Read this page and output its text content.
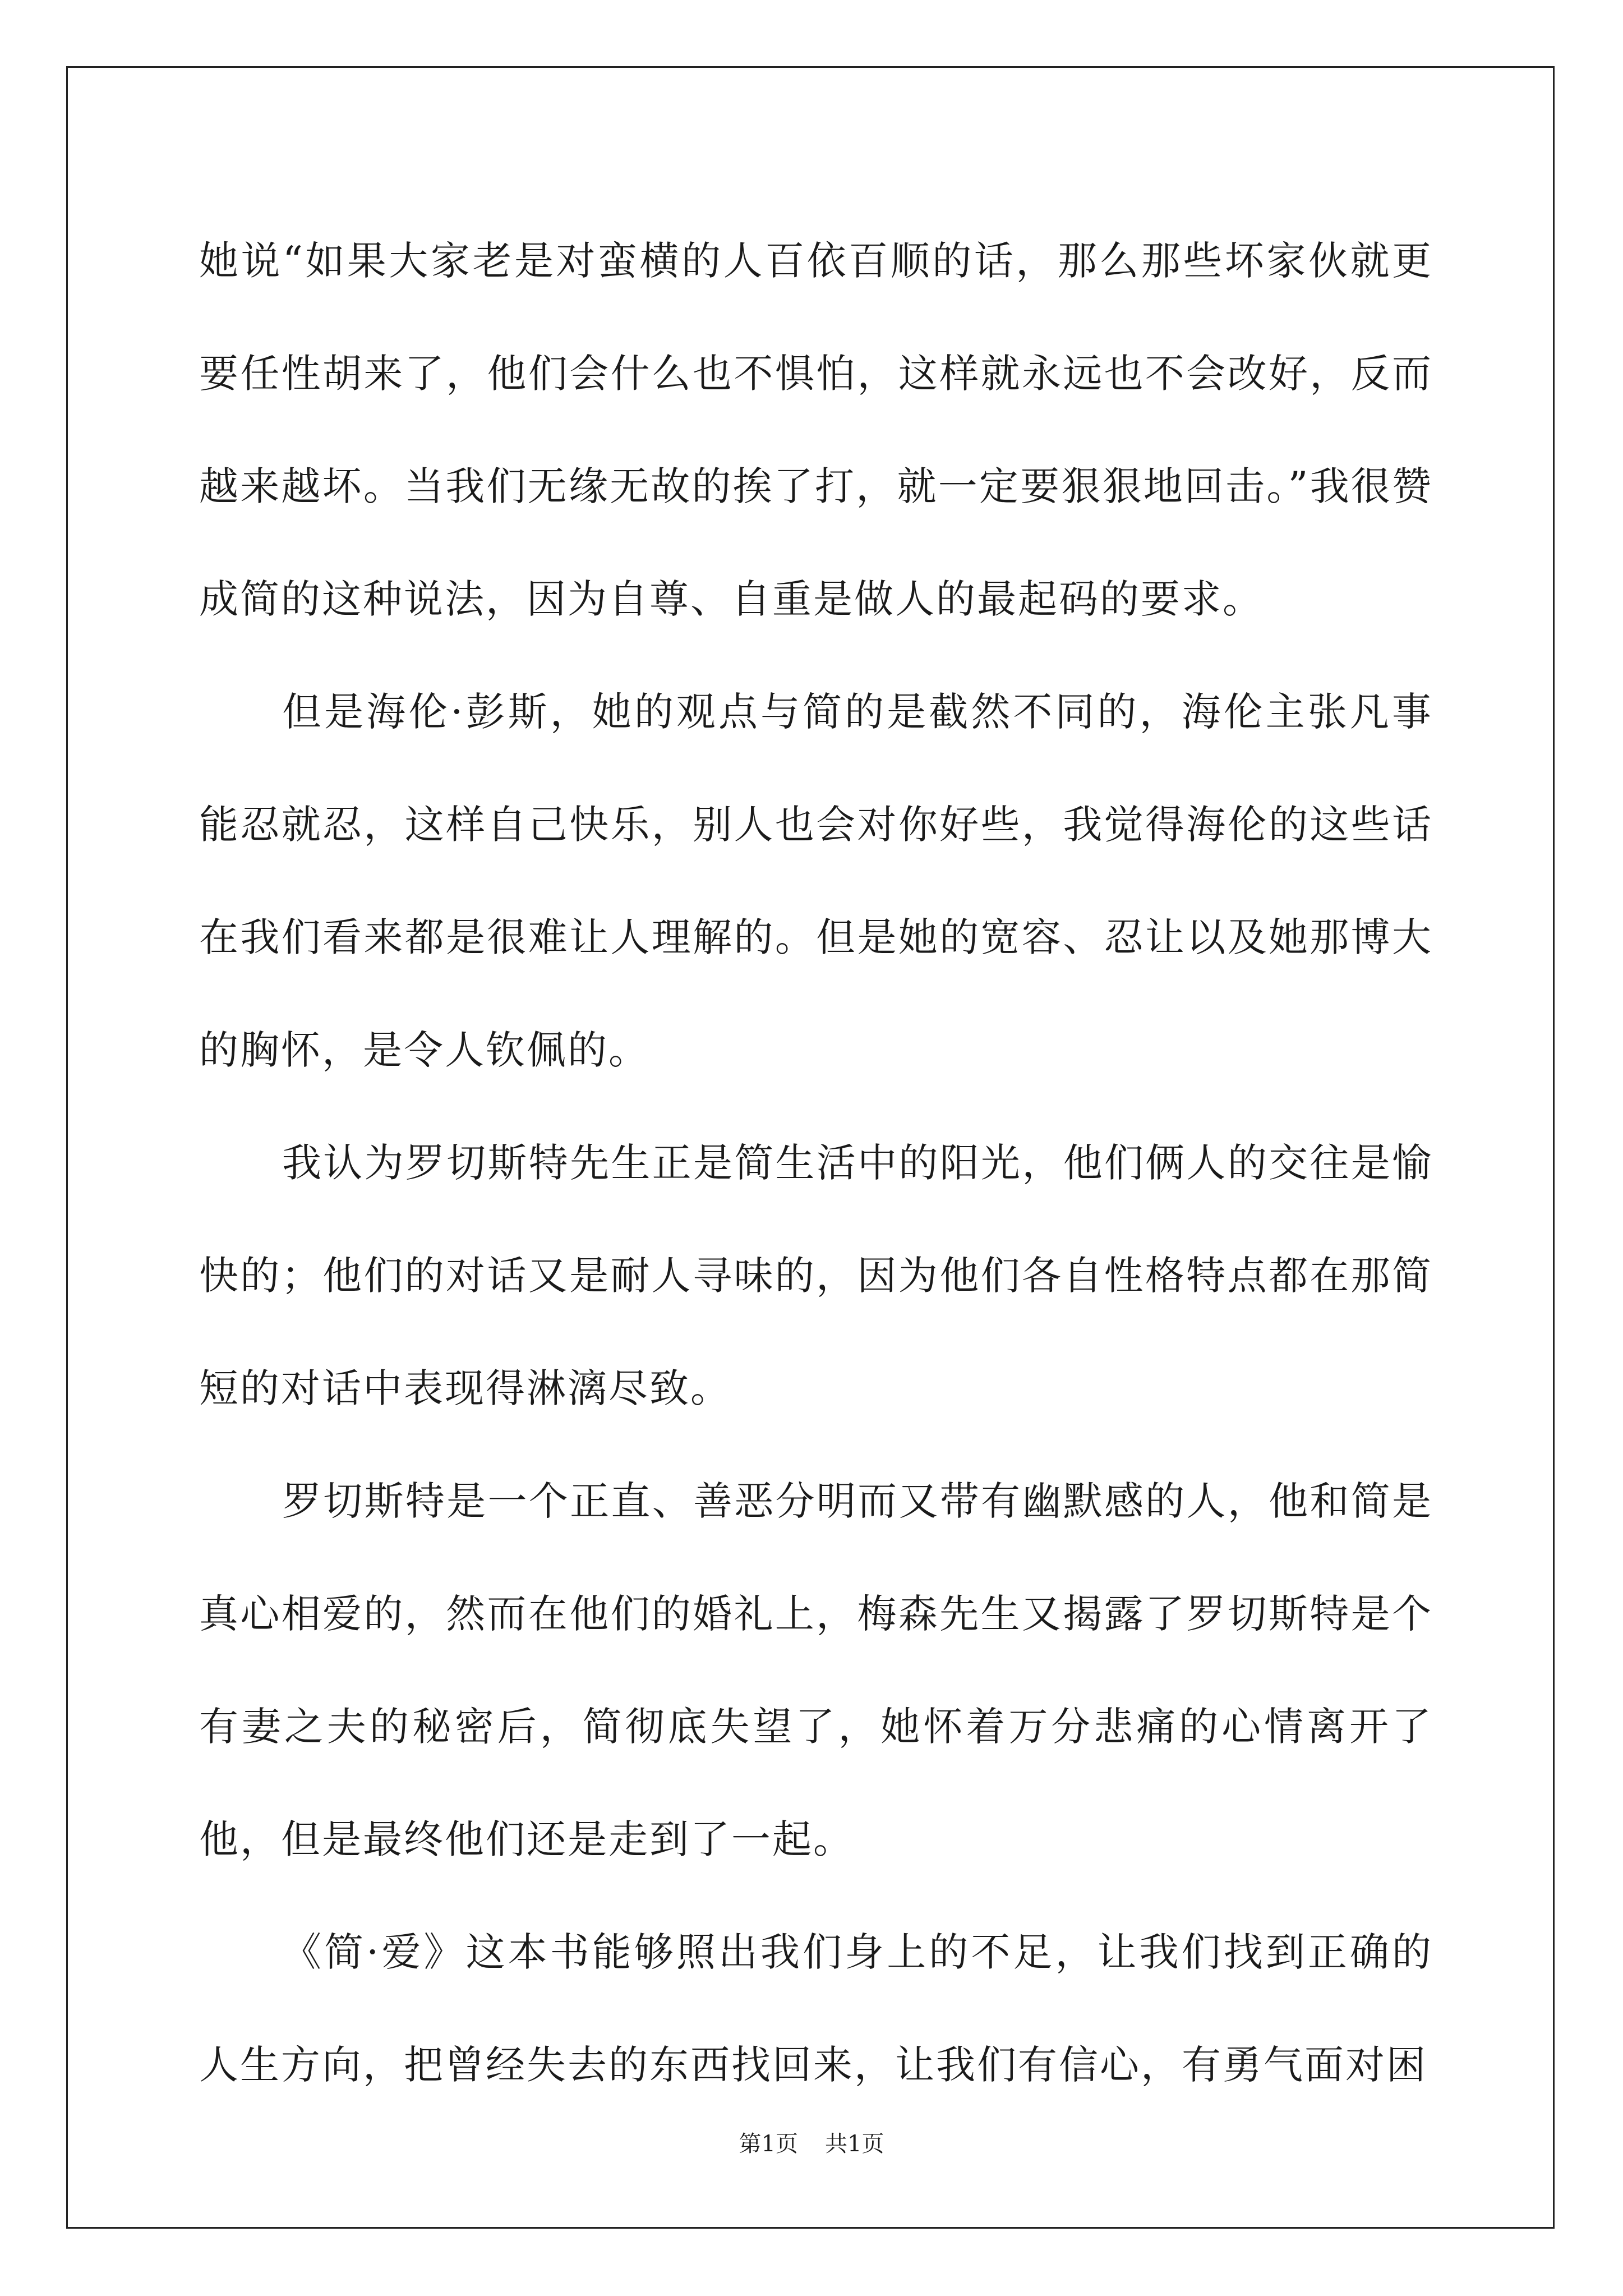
她说“如果大家老是对蛮横的人百依百顺的话，那么那些坏家伙就更要任性胡来了，他们会什么也不惧怕，这样就永远也不会改好，反而越来越坏。当我们无缘无故的挨了打，就一定要狠狠地回击。”我很赞成简的这种说法，因为自尊、自重是做人的最起码的要求。

但是海伦·彭斯，她的观点与简的是截然不同的，海伦主张凡事能忍就忍，这样自己快乐，别人也会对你好些，我觉得海伦的这些话在我们看来都是很难让人理解的。但是她的宽容、忍让以及她那博大的胸怀，是令人钦佩的。

我认为罗切斯特先生正是简生活中的阳光，他们俩人的交往是愉快的；他们的对话又是耐人寻味的，因为他们各自性格特点都在那简短的对话中表现得淋漓尽致。

罗切斯特是一个正直、善恶分明而又带有幽默感的人，他和简是真心相爱的，然而在他们的婚礼上，梅森先生又揭露了罗切斯特是个有妻之夫的秘密后，简彻底失望了，她怀着万分悲痛的心情离开了他，但是最终他们还是走到了一起。

《简·爱》这本书能够照出我们身上的不足，让我们找到正确的人生方向，把曾经失去的东西找回来，让我们有信心，有勇气面对困

第1页 共1页
